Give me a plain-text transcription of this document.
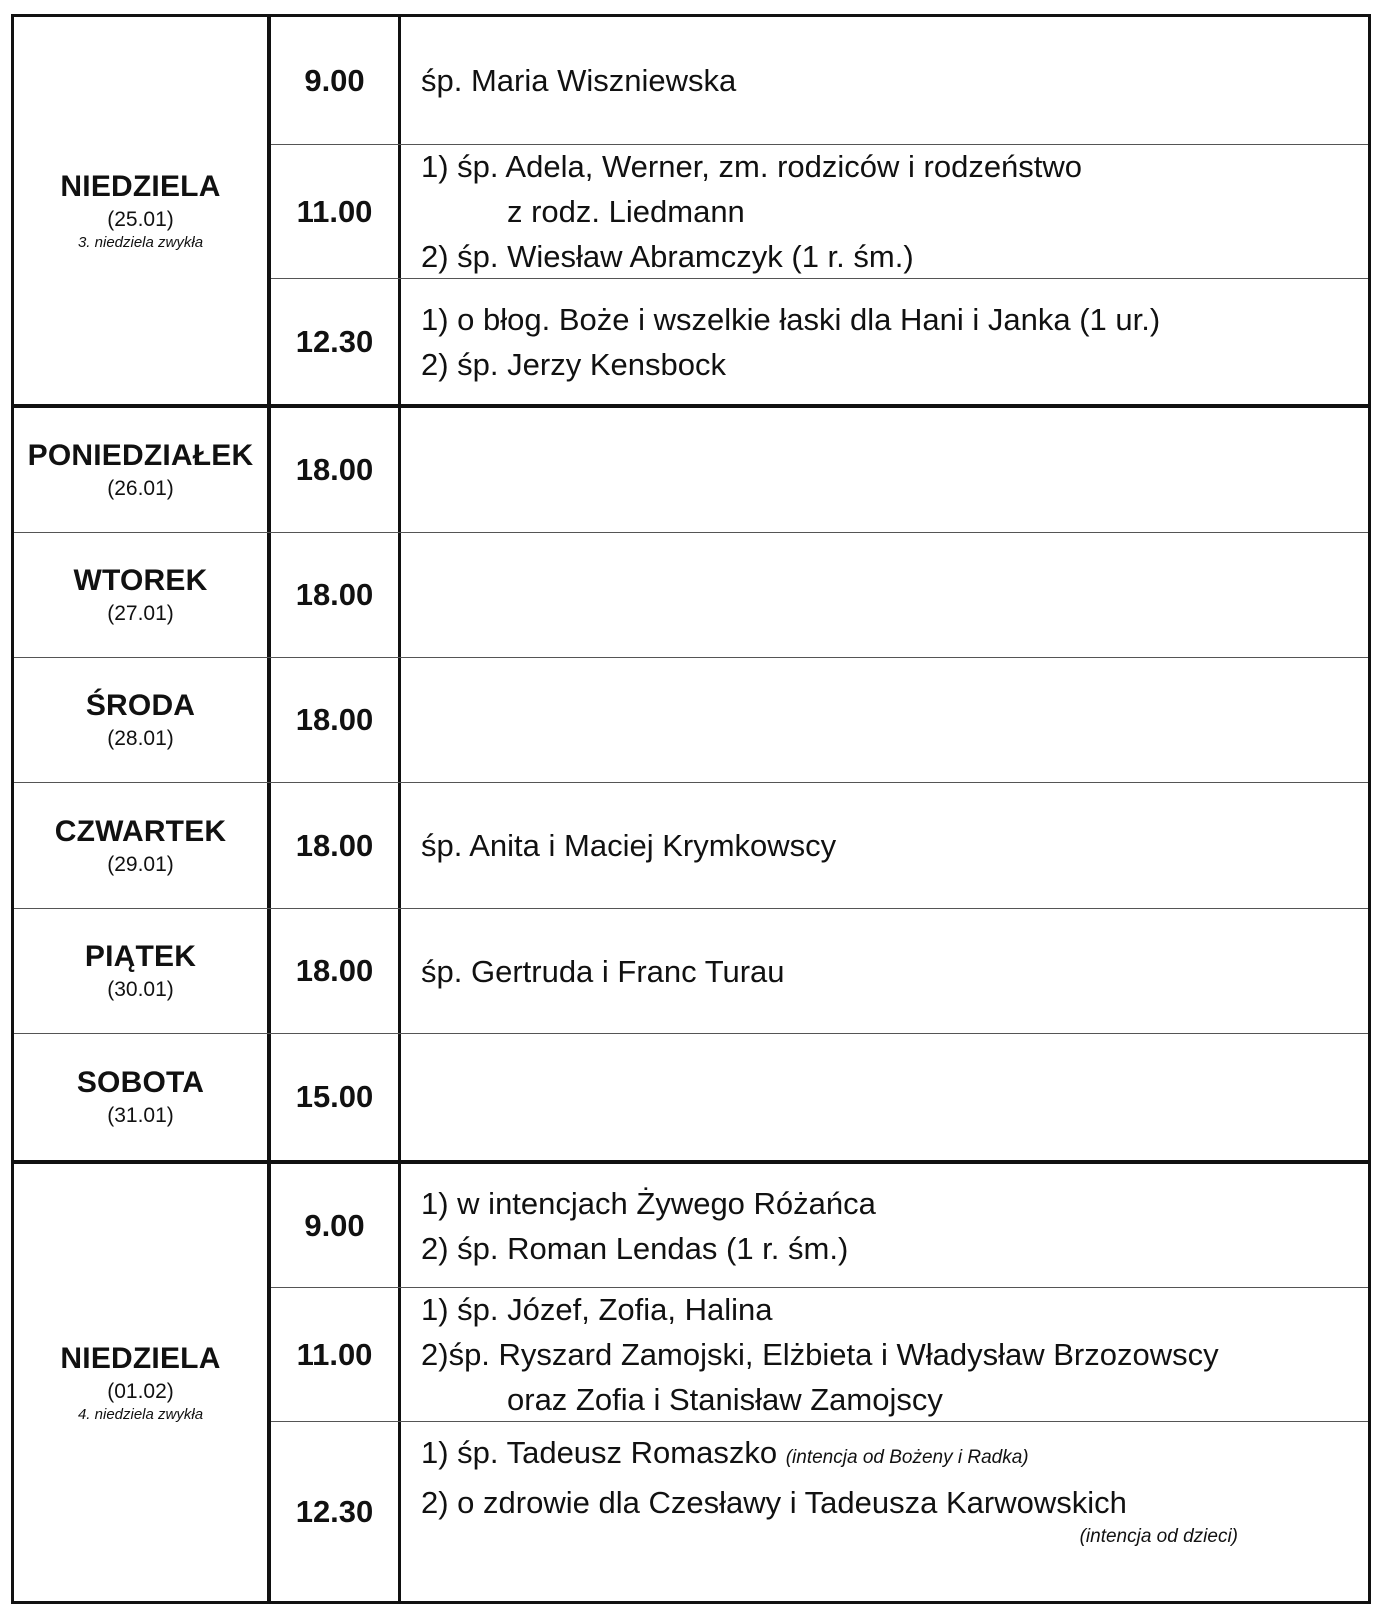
NIEDZIELA
(25.01)
3. niedziela zwykła
PONIEDZIAŁEK
(26.01)
WTOREK
(27.01)
ŚRODA
(28.01)
CZWARTEK
(29.01)
PIĄTEK
(30.01)
SOBOTA
(31.01)
NIEDZIELA
(01.02)
4. niedziela zwykła
9.00
11.00
12.30
18.00
18.00
18.00
18.00
18.00
15.00
9.00
11.00
12.30
śp. Maria Wiszniewska
1) śp. Adela, Werner, zm. rodziców i rodzeństwo
z rodz. Liedmann
2) śp. Wiesław Abramczyk (1 r. śm.)
1) o błog. Boże i wszelkie łaski dla Hani i Janka (1 ur.)
2) śp. Jerzy Kensbock
śp. Anita i Maciej Krymkowscy
śp. Gertruda i Franc Turau
1) w intencjach Żywego Różańca
2) śp. Roman Lendas (1 r. śm.)
1) śp. Józef, Zofia, Halina
2)śp. Ryszard Zamojski, Elżbieta i Władysław Brzozowscy
oraz Zofia i Stanisław Zamojscy
1) śp. Tadeusz Romaszko (intencja od Bożeny i Radka)
2) o zdrowie dla Czesławy i Tadeusza Karwowskich
(intencja od dzieci)
